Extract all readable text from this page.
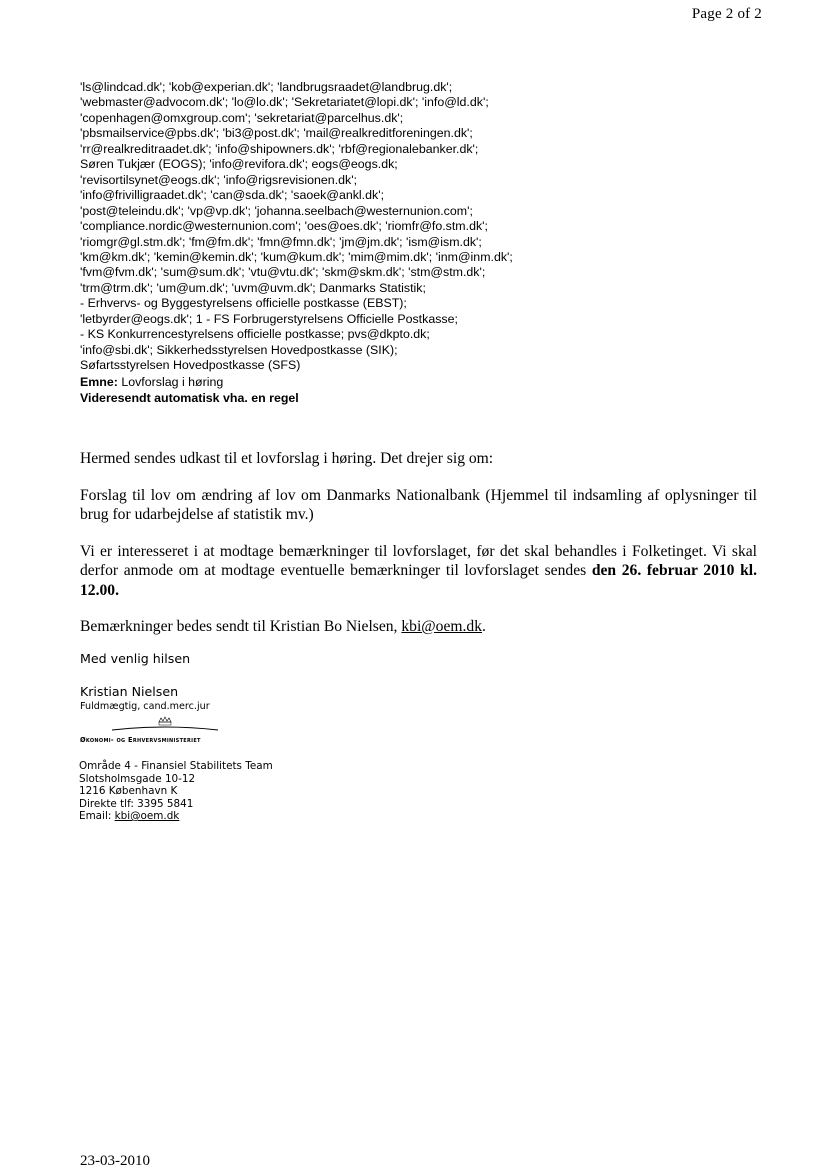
Page 2 of 2
'ls@lindcad.dk'; 'kob@experian.dk'; 'landbrugsraadet@landbrug.dk';
'webmaster@advocom.dk'; 'lo@lo.dk'; 'Sekretariatet@lopi.dk'; 'info@ld.dk';
'copenhagen@omxgroup.com'; 'sekretariat@parcelhus.dk';
'pbsmailservice@pbs.dk'; 'bi3@post.dk'; 'mail@realkreditforeningen.dk';
'rr@realkreditraadet.dk'; 'info@shipowners.dk'; 'rbf@regionalebanker.dk';
Søren Tukjær (EOGS); 'info@revifora.dk'; eogs@eogs.dk;
'revisortilsynet@eogs.dk'; 'info@rigsrevisionen.dk';
'info@frivilligraadet.dk'; 'can@sda.dk'; 'saoek@ankl.dk';
'post@teleindu.dk'; 'vp@vp.dk'; 'johanna.seelbach@westernunion.com';
'compliance.nordic@westernunion.com'; 'oes@oes.dk'; 'riomfr@fo.stm.dk';
'riomgr@gl.stm.dk'; 'fm@fm.dk'; 'fmn@fmn.dk'; 'jm@jm.dk'; 'ism@ism.dk';
'km@km.dk'; 'kemin@kemin.dk'; 'kum@kum.dk'; 'mim@mim.dk'; 'inm@inm.dk';
'fvm@fvm.dk'; 'sum@sum.dk'; 'vtu@vtu.dk'; 'skm@skm.dk'; 'stm@stm.dk';
'trm@trm.dk'; 'um@um.dk'; 'uvm@uvm.dk'; Danmarks Statistik;
- Erhvervs- og Byggestyrelsens officielle postkasse (EBST);
'letbyrder@eogs.dk'; 1 - FS Forbrugerstyrelsens Officielle Postkasse;
- KS Konkurrencestyrelsens officielle postkasse; pvs@dkpto.dk;
'info@sbi.dk'; Sikkerhedsstyrelsen Hovedpostkasse (SIK);
Søfartsstyrelsen Hovedpostkasse (SFS)
Emne: Lovforslag i høring
Videresendt automatisk vha. en regel

Hermed sendes udkast til et lovforslag i høring. Det drejer sig om:

Forslag til lov om ændring af lov om Danmarks Nationalbank (Hjemmel til indsamling af oplysninger til brug for udarbejdelse af statistik mv.)

Vi er interesseret i at modtage bemærkninger til lovforslaget, før det skal behandles i Folketinget. Vi skal derfor anmode om at modtage eventuelle bemærkninger til lovforslaget sendes den 26. februar 2010 kl. 12.00.

Bemærkninger bedes sendt til Kristian Bo Nielsen, kbi@oem.dk.

Med venlig hilsen
Kristian Nielsen
Fuldmægtig, cand.merc.jur
Økonomi- og Erhvervsministeriet
Område 4 - Finansiel Stabilitets Team
Slotsholmsgade 10-12
1216 København K
Direkte tlf: 3395 5841
Email: kbi@oem.dk
23-03-2010
